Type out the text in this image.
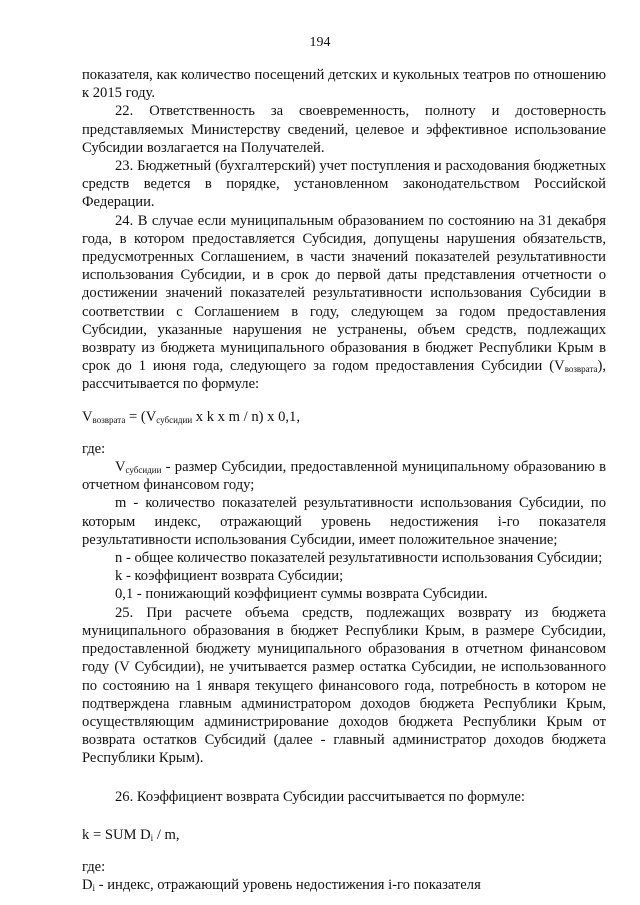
194

показателя, как количество посещений детских и кукольных театров по отношению к 2015 году.

22. Ответственность за своевременность, полноту и достоверность представляемых Министерству сведений, целевое и эффективное использование Субсидии возлагается на Получателей.

23. Бюджетный (бухгалтерский) учет поступления и расходования бюджетных средств ведется в порядке, установленном законодательством Российской Федерации.

24. В случае если муниципальным образованием по состоянию на 31 декабря года, в котором предоставляется Субсидия, допущены нарушения обязательств, предусмотренных Соглашением, в части значений показателей результативности использования Субсидии, и в срок до первой даты представления отчетности о достижении значений показателей результативности использования Субсидии в соответствии с Соглашением в году, следующем за годом предоставления Субсидии, указанные нарушения не устранены, объем средств, подлежащих возврату из бюджета муниципального образования в бюджет Республики Крым в срок до 1 июня года, следующего за годом предоставления Субсидии $(V_{возврата})$, рассчитывается по формуле:

$V_{возврата} = (V_{субсидии}$ x k x m / n) x 0,1,

где:

$V_{субсидии}$ - размер Субсидии, предоставленной муниципальному образованию в отчетном финансовом году;

m - количество показателей результативности использования Субсидии, по которым индекс, отражающий уровень недостижения i-го показателя результативности использования Субсидии, имеет положительное значение;

n - общее количество показателей результативности использования Субсидии;

k - коэффициент возврата Субсидии;

0,1 - понижающий коэффициент суммы возврата Субсидии.

25. При расчете объема средств, подлежащих возврату из бюджета муниципального образования в бюджет Республики Крым, в размере Субсидии, предоставленной бюджету муниципального образования в отчетном финансовом году (V Субсидии), не учитывается размер остатка Субсидии, не использованного по состоянию на 1 января текущего финансового года, потребность в котором не подтверждена главным администратором доходов бюджета Республики Крым, осуществляющим администрирование доходов бюджета Республики Крым от возврата остатков Субсидий (далее - главный администратор доходов бюджета Республики Крым).

26. Коэффициент возврата Субсидии рассчитывается по формуле:

k = SUM $D_i$ / m,

где:

$D_i$ - индекс, отражающий уровень недостижения i-го показателя
